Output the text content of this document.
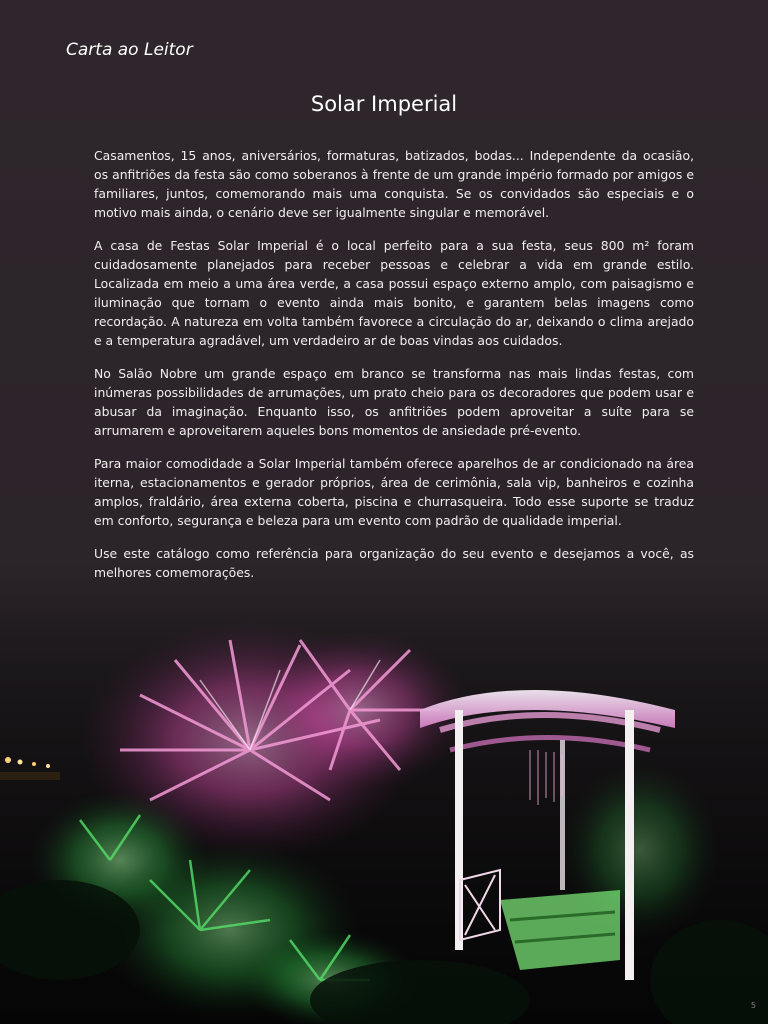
Carta ao Leitor
Solar Imperial

Casamentos, 15 anos, aniversários, formaturas, batizados, bodas... Independente da ocasião, os anfitriões da festa são como soberanos à frente de um grande império formado por amigos e familiares, juntos, comemorando mais uma conquista. Se os convidados são especiais e o motivo mais ainda, o cenário deve ser igualmente singular e memorável.

A casa de Festas Solar Imperial é o local perfeito para a sua festa, seus 800 m² foram cuidadosamente planejados para receber pessoas e celebrar a vida em grande estilo. Localizada em meio a uma área verde, a casa possui espaço externo amplo, com paisagismo e iluminação que tornam o evento ainda mais bonito, e garantem belas imagens como recordação. A natureza em volta também favorece a circulação do ar, deixando o clima arejado e a temperatura agradável, um verdadeiro ar de boas vindas aos cuidados.

No Salão Nobre um grande espaço em branco se transforma nas mais lindas festas, com inúmeras possibilidades de arrumações, um prato cheio para os decoradores que podem usar e abusar da imaginação. Enquanto isso, os anfitriões podem aproveitar a suíte para se arrumarem e aproveitarem aqueles bons momentos de ansiedade pré-evento.

Para maior comodidade a Solar Imperial também oferece aparelhos de ar condicionado na área iterna, estacionamentos e gerador próprios, área de cerimônia, sala vip, banheiros e cozinha amplos, fraldário, área externa coberta, piscina e churrasqueira. Todo esse suporte se traduz em conforto, segurança e beleza para um evento com padrão de qualidade imperial.

Use este catálogo como referência para organização do seu evento e desejamos a você, as melhores comemorações.

5
